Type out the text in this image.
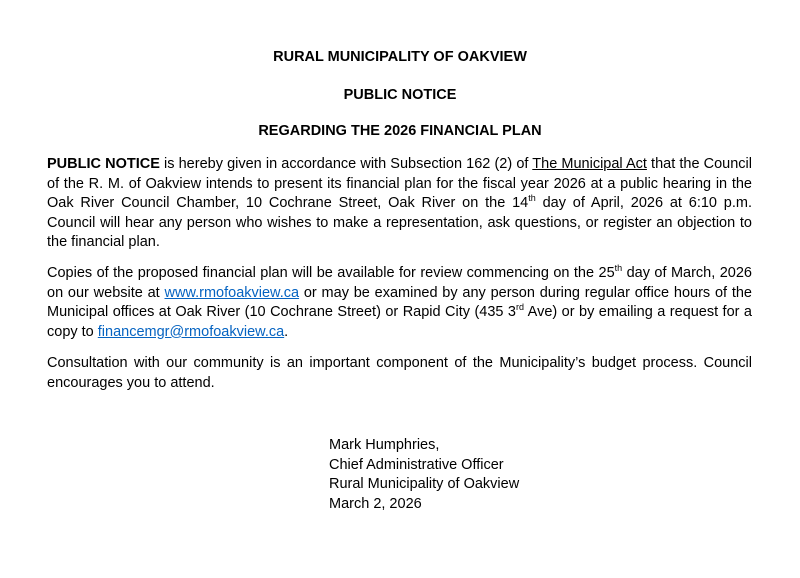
RURAL MUNICIPALITY OF OAKVIEW

PUBLIC NOTICE

REGARDING THE 2026 FINANCIAL PLAN

PUBLIC NOTICE is hereby given in accordance with Subsection 162 (2) of The Municipal Act that the Council of the R. M. of Oakview intends to present its financial plan for the fiscal year 2026 at a public hearing in the Oak River Council Chamber, 10 Cochrane Street, Oak River on the 14th day of April, 2026 at 6:10 p.m. Council will hear any person who wishes to make a representation, ask questions, or register an objection to the financial plan.

Copies of the proposed financial plan will be available for review commencing on the 25th day of March, 2026 on our website at www.rmofoakview.ca or may be examined by any person during regular office hours of the Municipal offices at Oak River (10 Cochrane Street) or Rapid City (435 3rd Ave) or by emailing a request for a copy to financemgr@rmofoakview.ca.

Consultation with our community is an important component of the Municipality’s budget process. Council encourages you to attend.

Mark Humphries,
Chief Administrative Officer
Rural Municipality of Oakview
March 2, 2026
